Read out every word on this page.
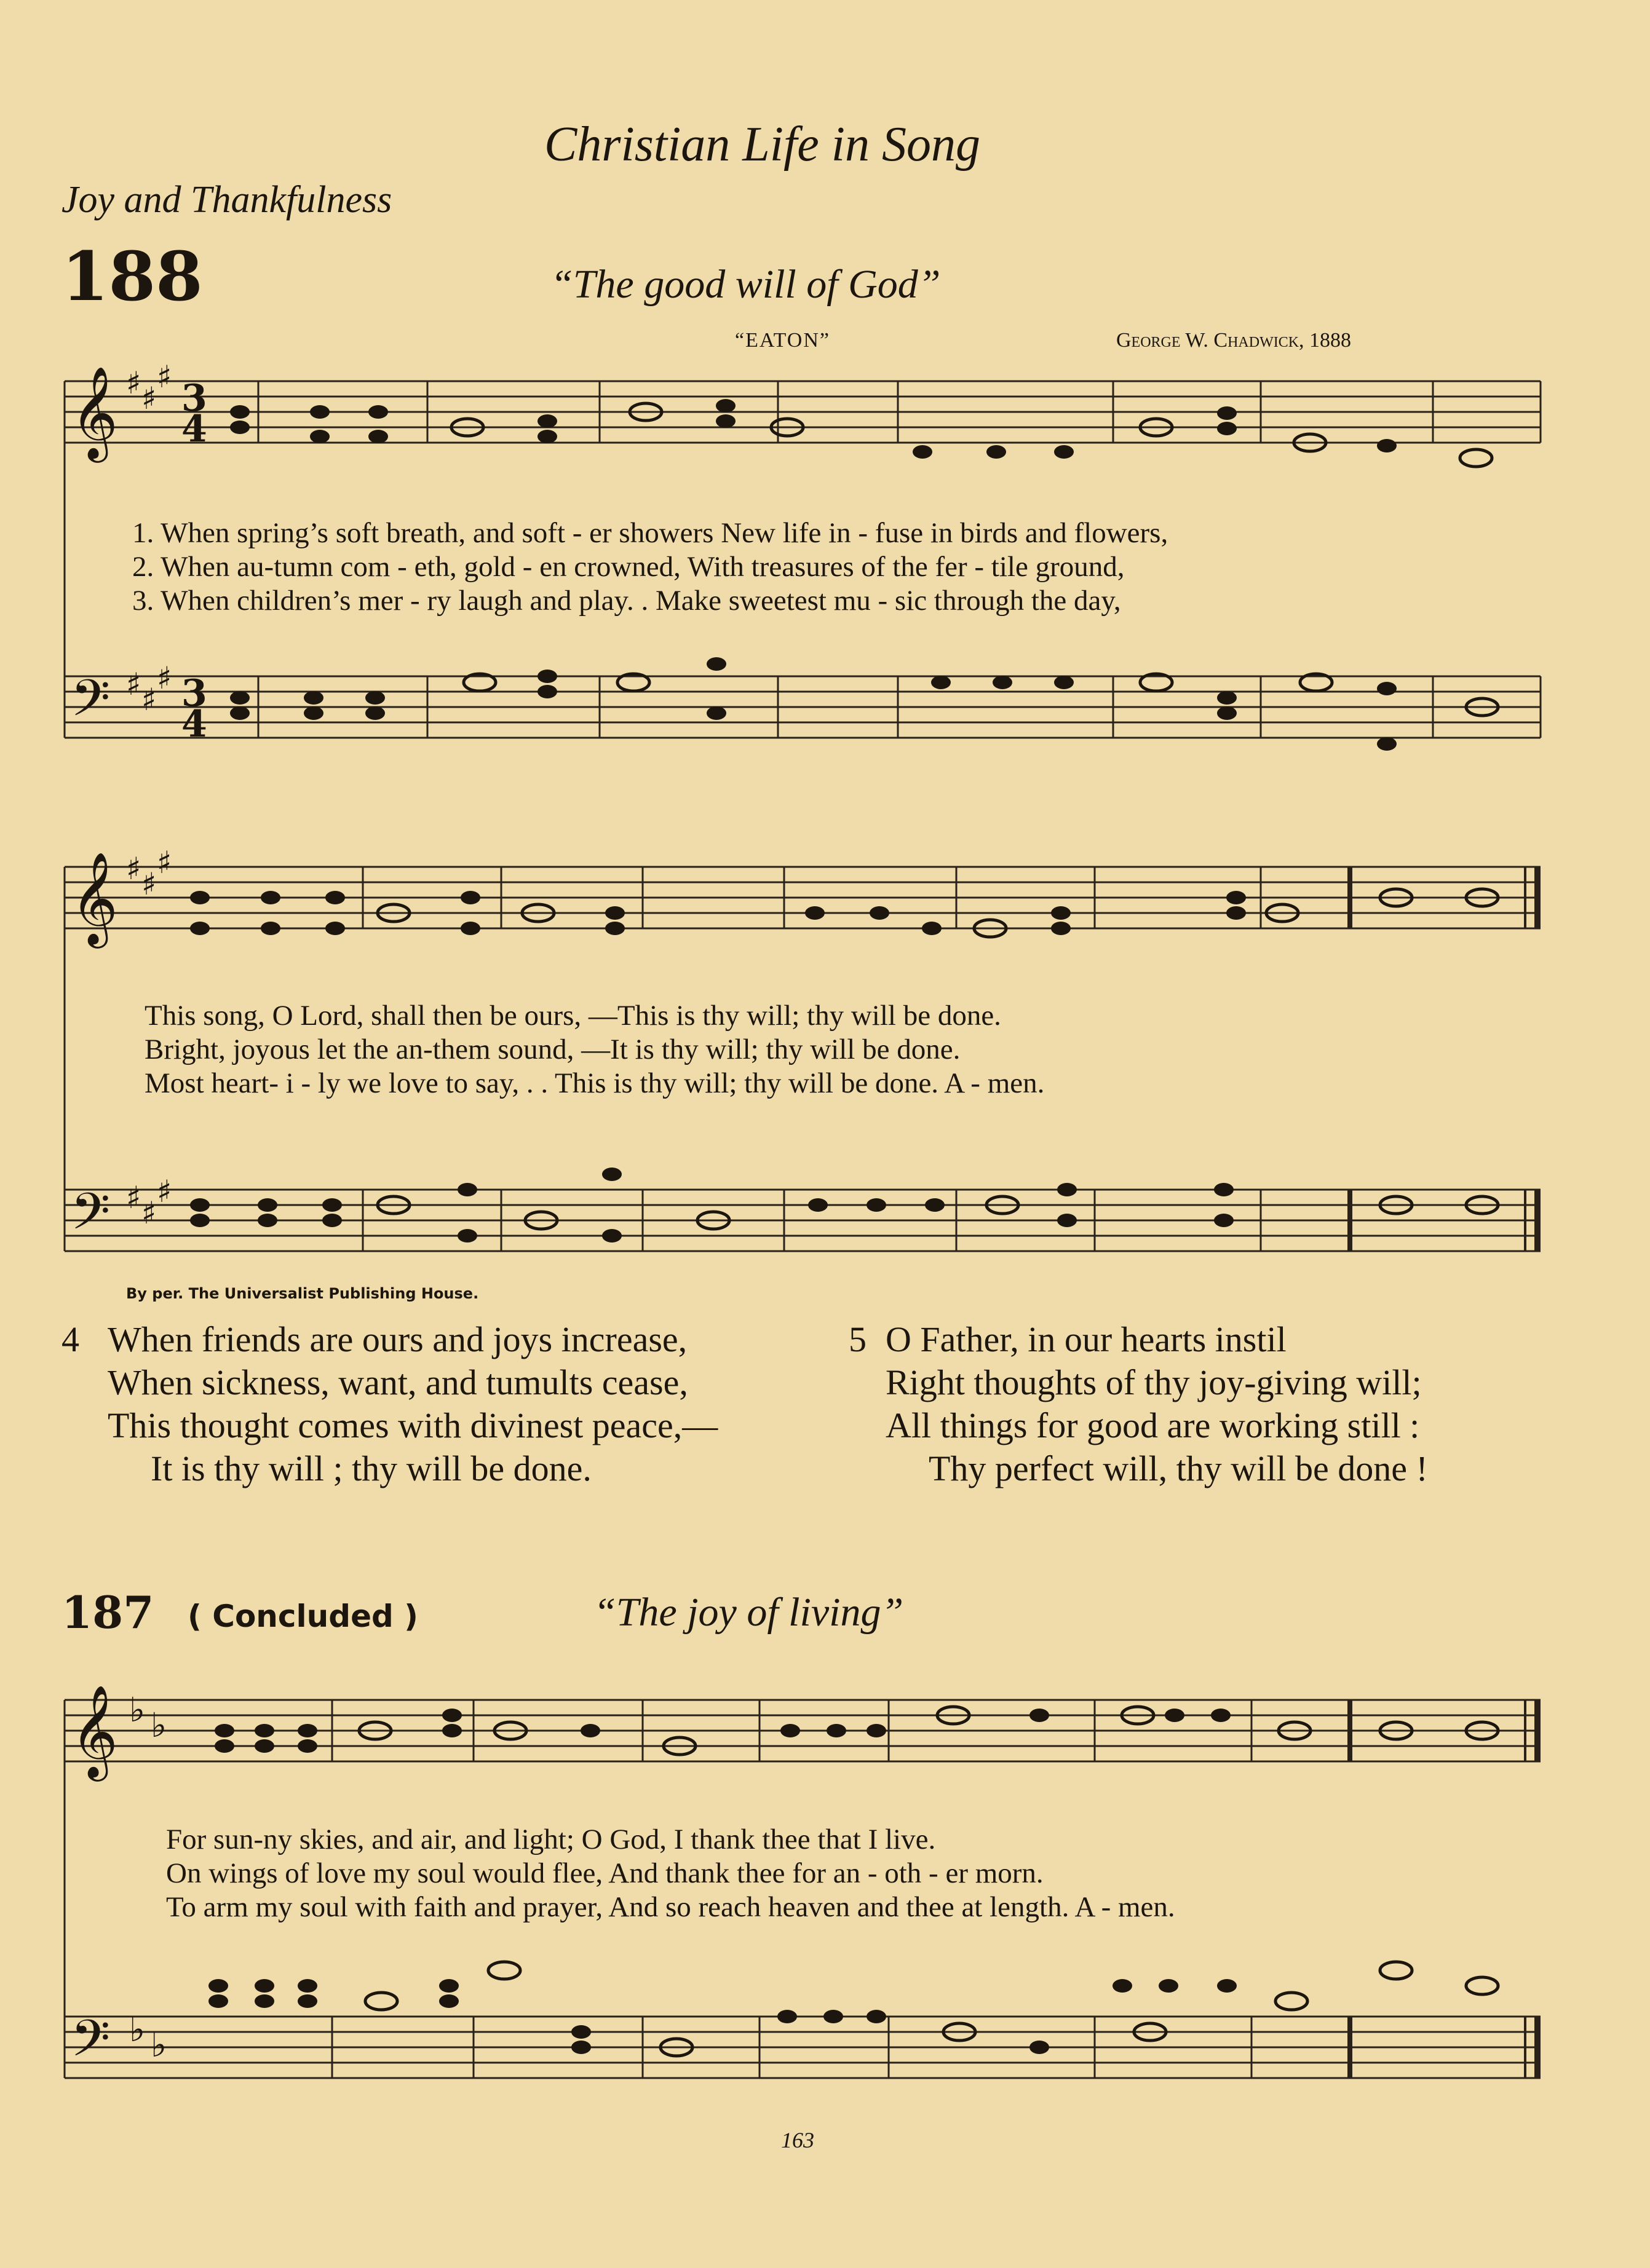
Christian Life in Song
Joy and Thankfulness
188	“The good will of God”
“EATON”	George W. Chadwick, 1888
𝄞
𝄢
𝄞
𝄢
𝄞
𝄢
3
4
3
4
♯ ♯
♯
♯ ♯
♯
♯ ♯
♯
♯ ♯
♯
♭ ♭
♭ ♭
1. When spring’s soft breath, and soft - er showers New life in - fuse in birds and flowers,
2. When au-tumn com - eth, gold - en crowned, With treasures of the fer - tile ground,
3. When children’s mer - ry laugh and play. . Make sweetest mu - sic through the day,
This song, O Lord, shall then be ours, —This is thy will; thy will be done.
Bright, joyous let the an-them sound, —It is thy will; thy will be done.
Most heart- i - ly we love to say, . . This is thy will; thy will be done. A - men.
By per. The Universalist Publishing House.
4 When friends are ours and joys increase,
When sickness, want, and tumults cease,
This thought comes with divinest peace,—
It is thy will ; thy will be done.
5 O Father, in our hearts instil
Right thoughts of thy joy-giving will;
All things for good are working still :
Thy perfect will, thy will be done !
187 ( Concluded )	“The joy of living”
For sun-ny skies, and air, and light; O God, I thank thee that I live.
On wings of love my soul would flee, And thank thee for an - oth - er morn.
To arm my soul with faith and prayer, And so reach heaven and thee at length. A - men.
163
